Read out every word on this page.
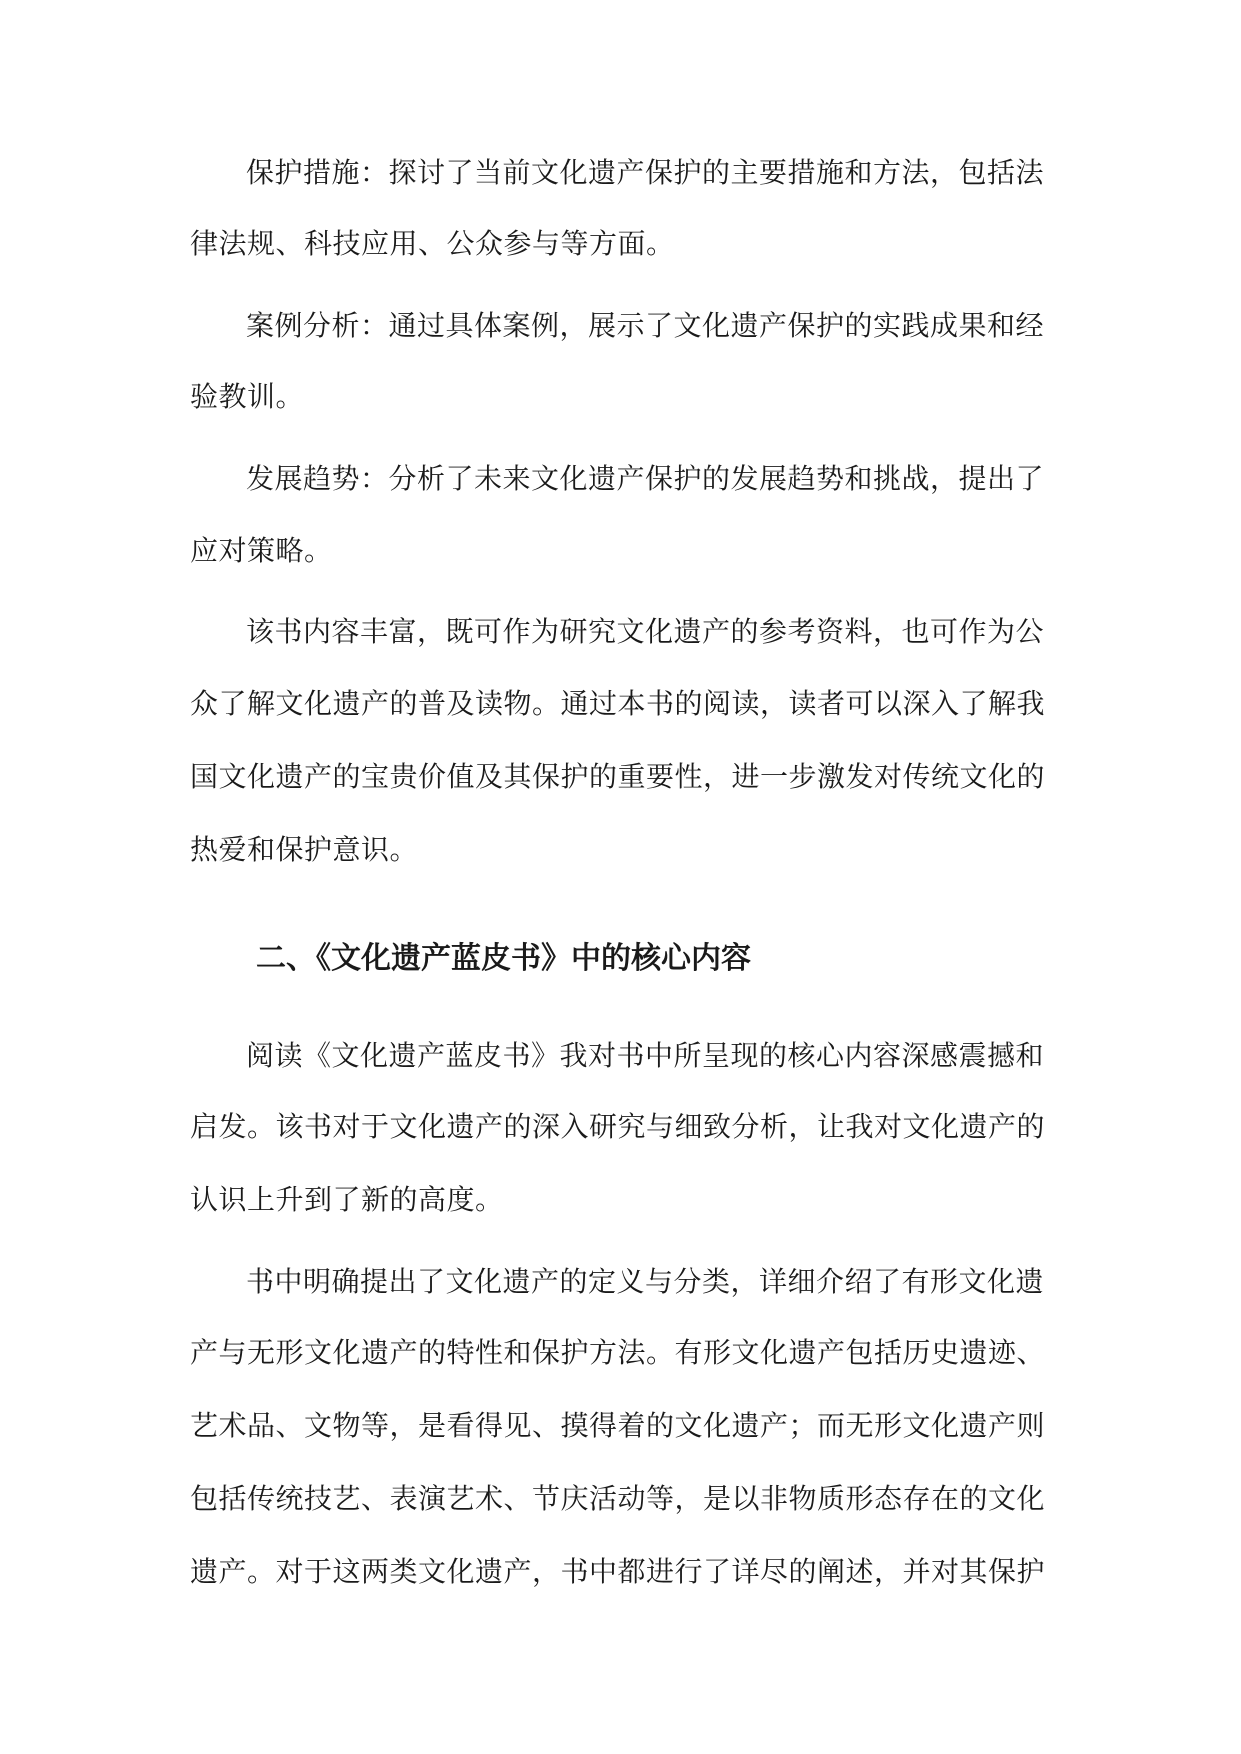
保护措施：探讨了当前文化遗产保护的主要措施和方法，包括法
律法规、科技应用、公众参与等方面。
案例分析：通过具体案例，展示了文化遗产保护的实践成果和经
验教训。
发展趋势：分析了未来文化遗产保护的发展趋势和挑战，提出了
应对策略。
该书内容丰富，既可作为研究文化遗产的参考资料，也可作为公
众了解文化遗产的普及读物。通过本书的阅读，读者可以深入了解我
国文化遗产的宝贵价值及其保护的重要性，进一步激发对传统文化的
热爱和保护意识。
二、《文化遗产蓝皮书》中的核心内容
阅读《文化遗产蓝皮书》我对书中所呈现的核心内容深感震撼和
启发。该书对于文化遗产的深入研究与细致分析，让我对文化遗产的
认识上升到了新的高度。
书中明确提出了文化遗产的定义与分类，详细介绍了有形文化遗
产与无形文化遗产的特性和保护方法。有形文化遗产包括历史遗迹、
艺术品、文物等，是看得见、摸得着的文化遗产；而无形文化遗产则
包括传统技艺、表演艺术、节庆活动等，是以非物质形态存在的文化
遗产。对于这两类文化遗产，书中都进行了详尽的阐述，并对其保护
